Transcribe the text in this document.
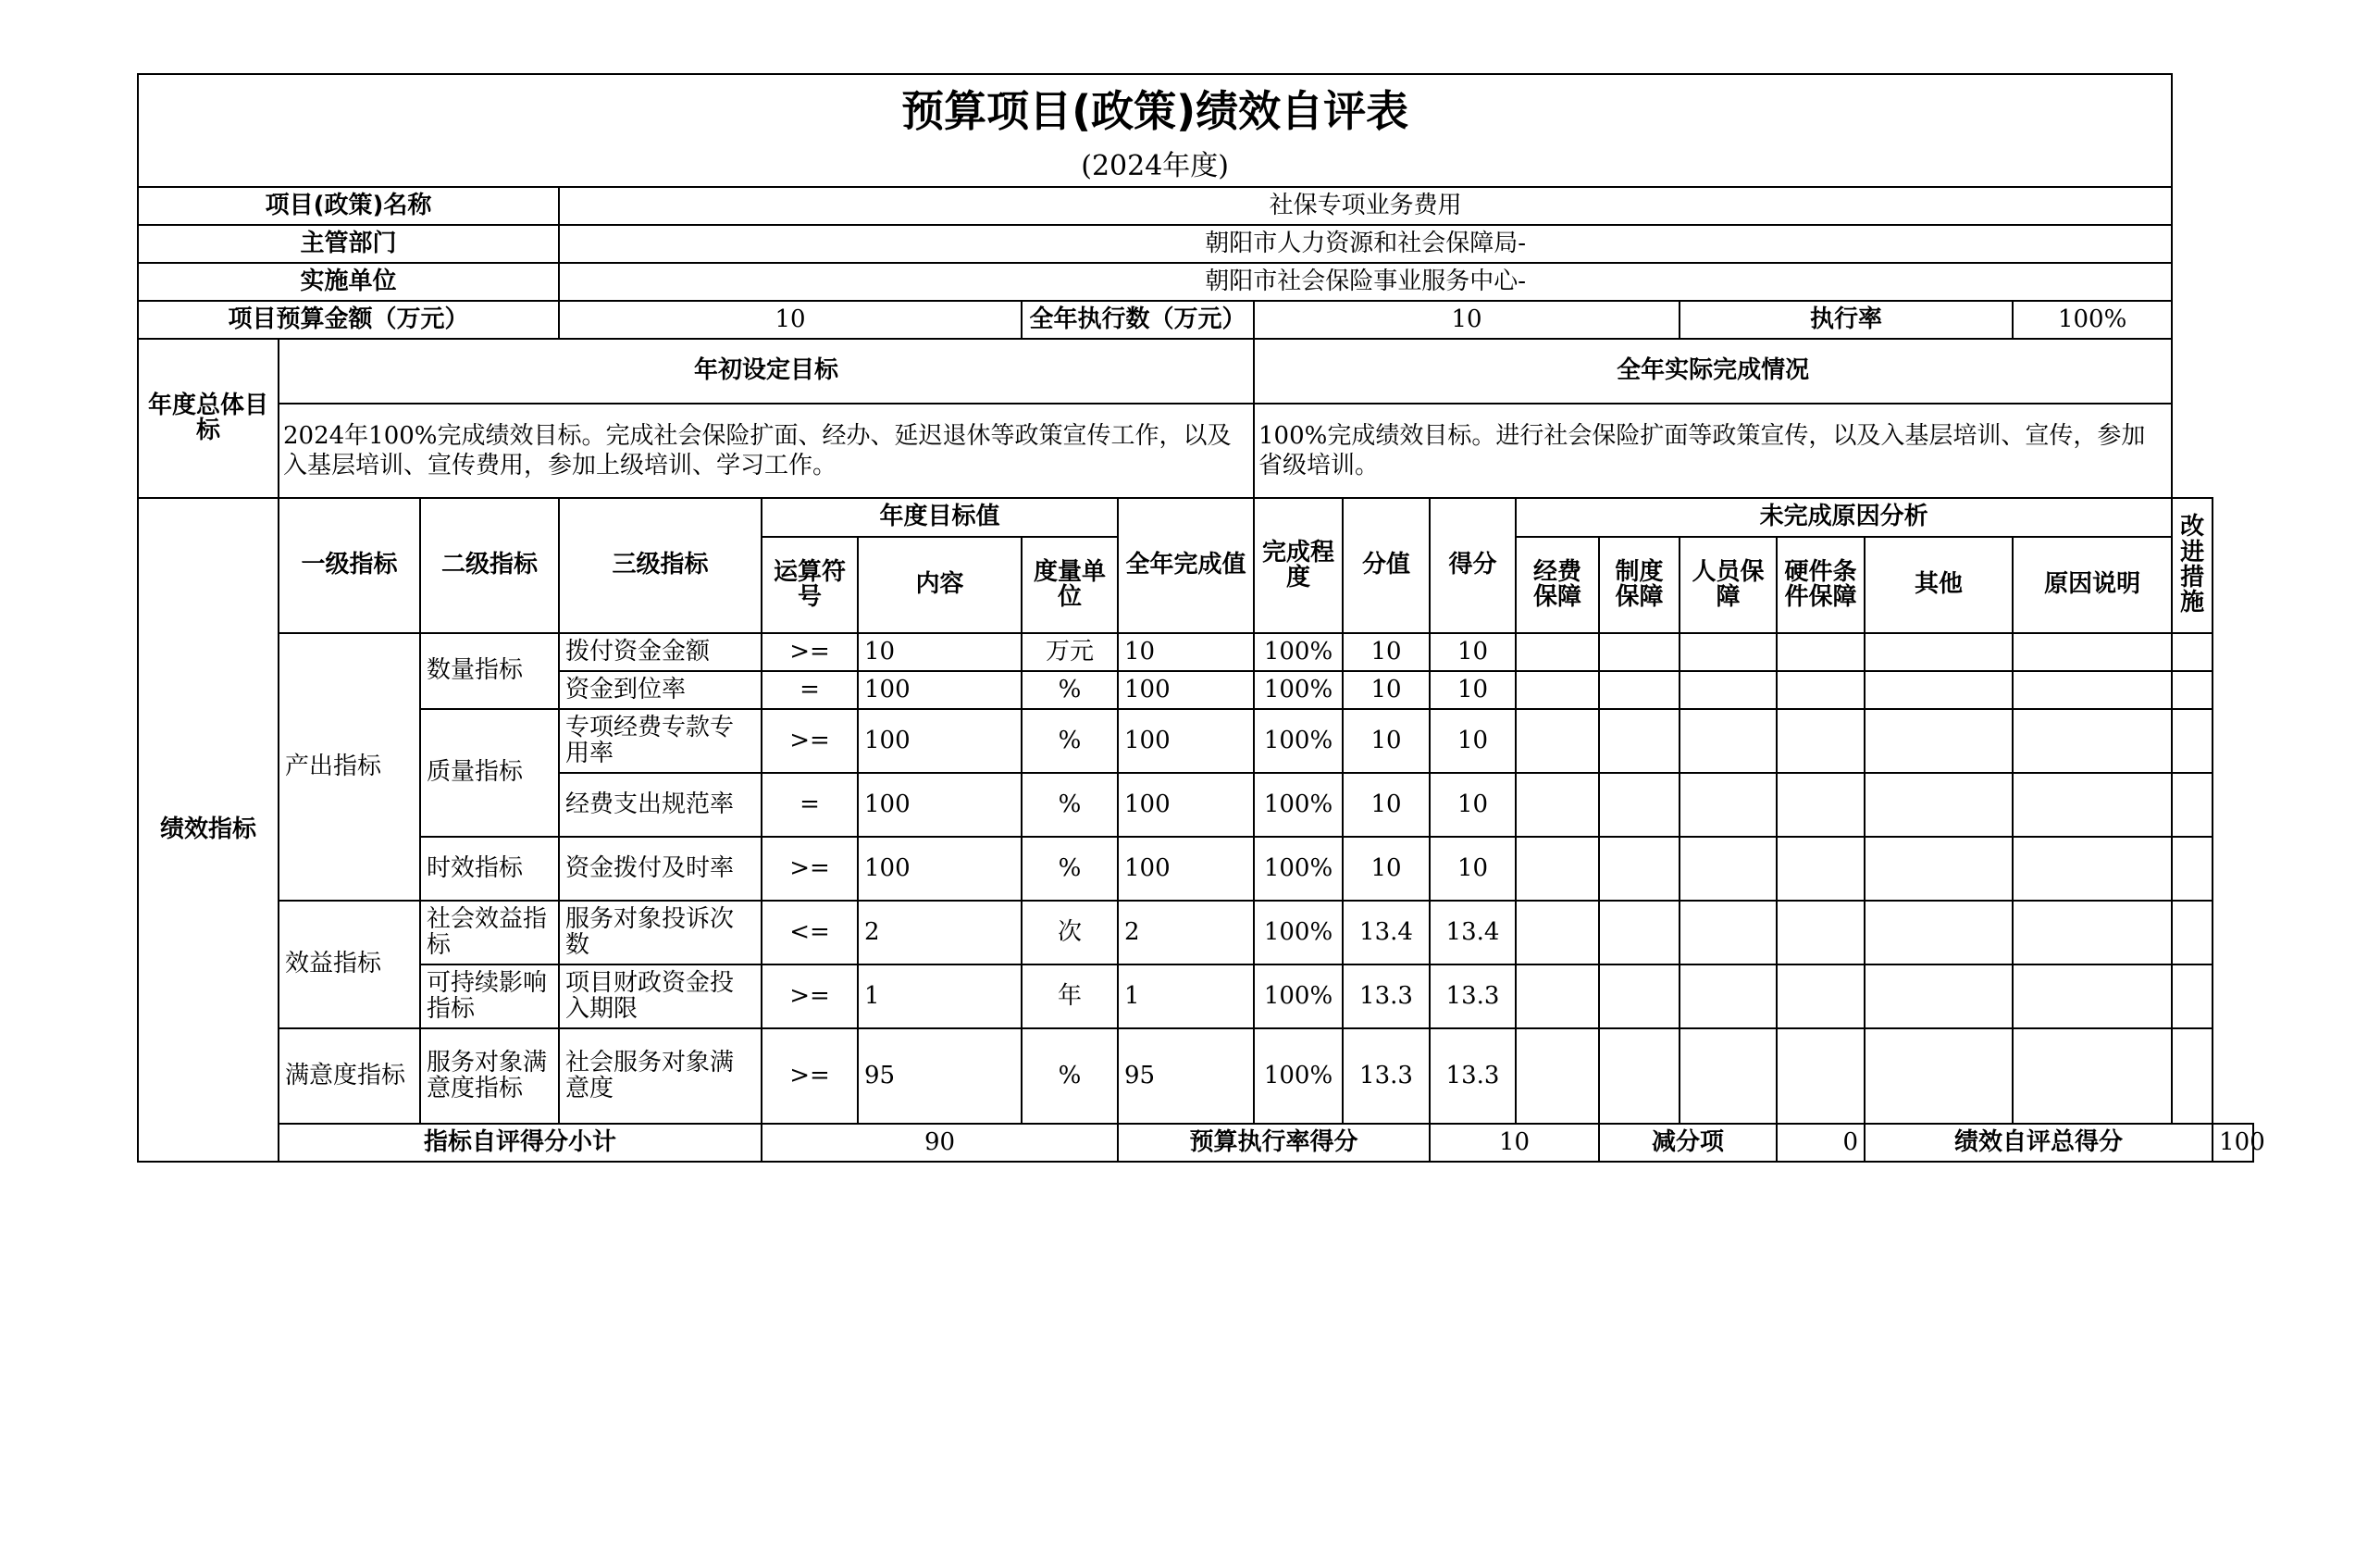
预算项目(政策)绩效自评表																		
(2024年度)																		
项目(政策)名称			社保专项业务费用															
主管部门			朝阳市人力资源和社会保障局-															
实施单位			朝阳市社会保险事业服务中心-															
项目预算金额（万元）			10			全年执行数（万元）		10					执行率			100%		
年度总体目标	年初设定目标							全年实际完成情况										
	2024年100%完成绩效目标。完成社会保险扩面、经办、延迟退休等政策宣传工作，以及入基层培训、宣传费用，参加上级培训、学习工作。							100%完成绩效目标。进行社会保险扩面等政策宣传，以及入基层培训、宣传，参加省级培训。										
绩效指标	一级指标	二级指标	三级指标	年度目标值			全年完成值	完成程度	分值	得分	未完成原因分析						改进措施	
				运算符号	内容	度量单位					经费保障	制度保障	人员保障	硬件条件保障	其他	原因说明		
	产出指标	数量指标	拨付资金金额	>=	10	万元	10	100%	10	10								
			资金到位率	=	100	%	100	100%	10	10								
		质量指标	专项经费专款专用率	>=	100	%	100	100%	10	10								
			经费支出规范率	=	100	%	100	100%	10	10								
		时效指标	资金拨付及时率	>=	100	%	100	100%	10	10								
	效益指标	社会效益指标	服务对象投诉次数	<=	2	次	2	100%	13.4	13.4								
		可持续影响指标	项目财政资金投入期限	>=	1	年	1	100%	13.3	13.3								
	满意度指标	服务对象满意度指标	社会服务对象满意度	>=	95	%	95	100%	13.3	13.3								
	指标自评得分小计			90			预算执行率得分			10		减分项		0	绩效自评总得分			100
